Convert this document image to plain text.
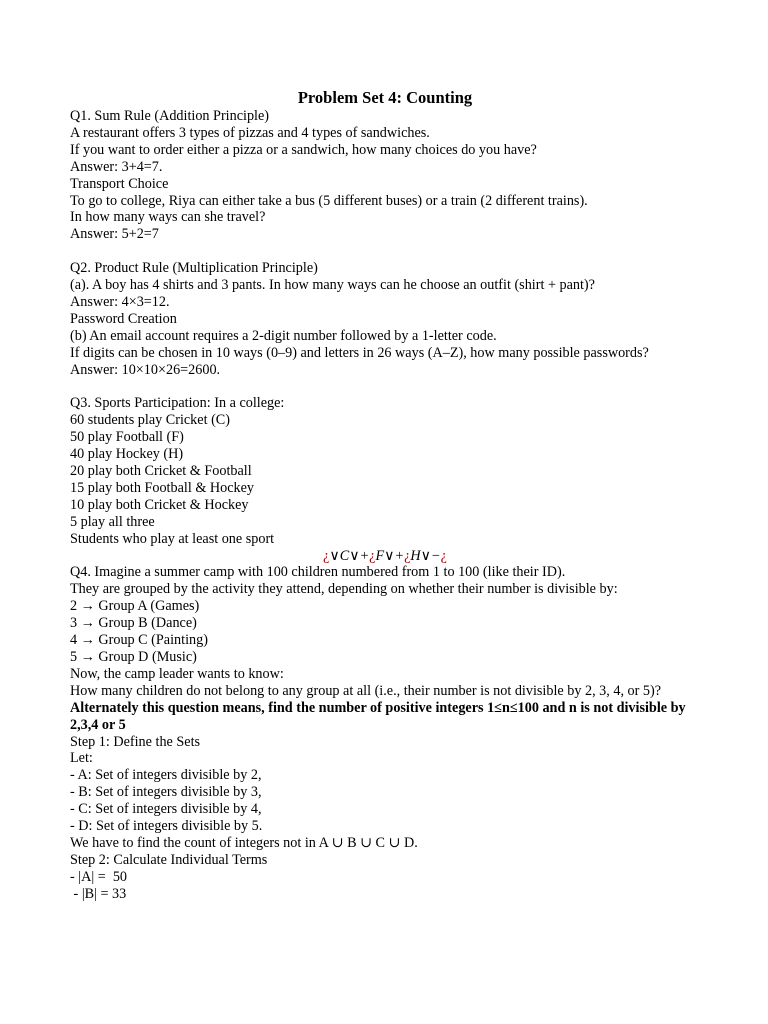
Problem Set 4: Counting
Q1. Sum Rule (Addition Principle)
A restaurant offers 3 types of pizzas and 4 types of sandwiches.
If you want to order either a pizza or a sandwich, how many choices do you have?
Answer: 3+4=7.
Transport Choice
To go to college, Riya can either take a bus (5 different buses) or a train (2 different trains).
In how many ways can she travel?
Answer: 5+2=7
Q2. Product Rule (Multiplication Principle)
(a). A boy has 4 shirts and 3 pants. In how many ways can he choose an outfit (shirt + pant)?
Answer: 4×3=12.
Password Creation
(b) An email account requires a 2-digit number followed by a 1-letter code.
If digits can be chosen in 10 ways (0–9) and letters in 26 ways (A–Z), how many possible passwords?
Answer: 10×10×26=2600.
Q3. Sports Participation: In a college:
60 students play Cricket (C)
50 play Football (F)
40 play Hockey (H)
20 play both Cricket & Football
15 play both Football & Hockey
10 play both Cricket & Hockey
5 play all three
Students who play at least one sport
¿∨C∨+¿F∨+¿H∨−¿
Q4. Imagine a summer camp with 100 children numbered from 1 to 100 (like their ID).
They are grouped by the activity they attend, depending on whether their number is divisible by:
2 → Group A (Games)
3 → Group B (Dance)
4 → Group C (Painting)
5 → Group D (Music)
Now, the camp leader wants to know:
How many children do not belong to any group at all (i.e., their number is not divisible by 2, 3, 4, or 5)?
Alternately this question means, find the number of positive integers 1≤n≤100 and n is not divisible by 2,3,4 or 5
Step 1: Define the Sets
Let:
- A: Set of integers divisible by 2,
- B: Set of integers divisible by 3,
- C: Set of integers divisible by 4,
- D: Set of integers divisible by 5.
We have to find the count of integers not in A ∪ B ∪ C ∪ D.
Step 2: Calculate Individual Terms
- |A| =  50
- |B| = 33
